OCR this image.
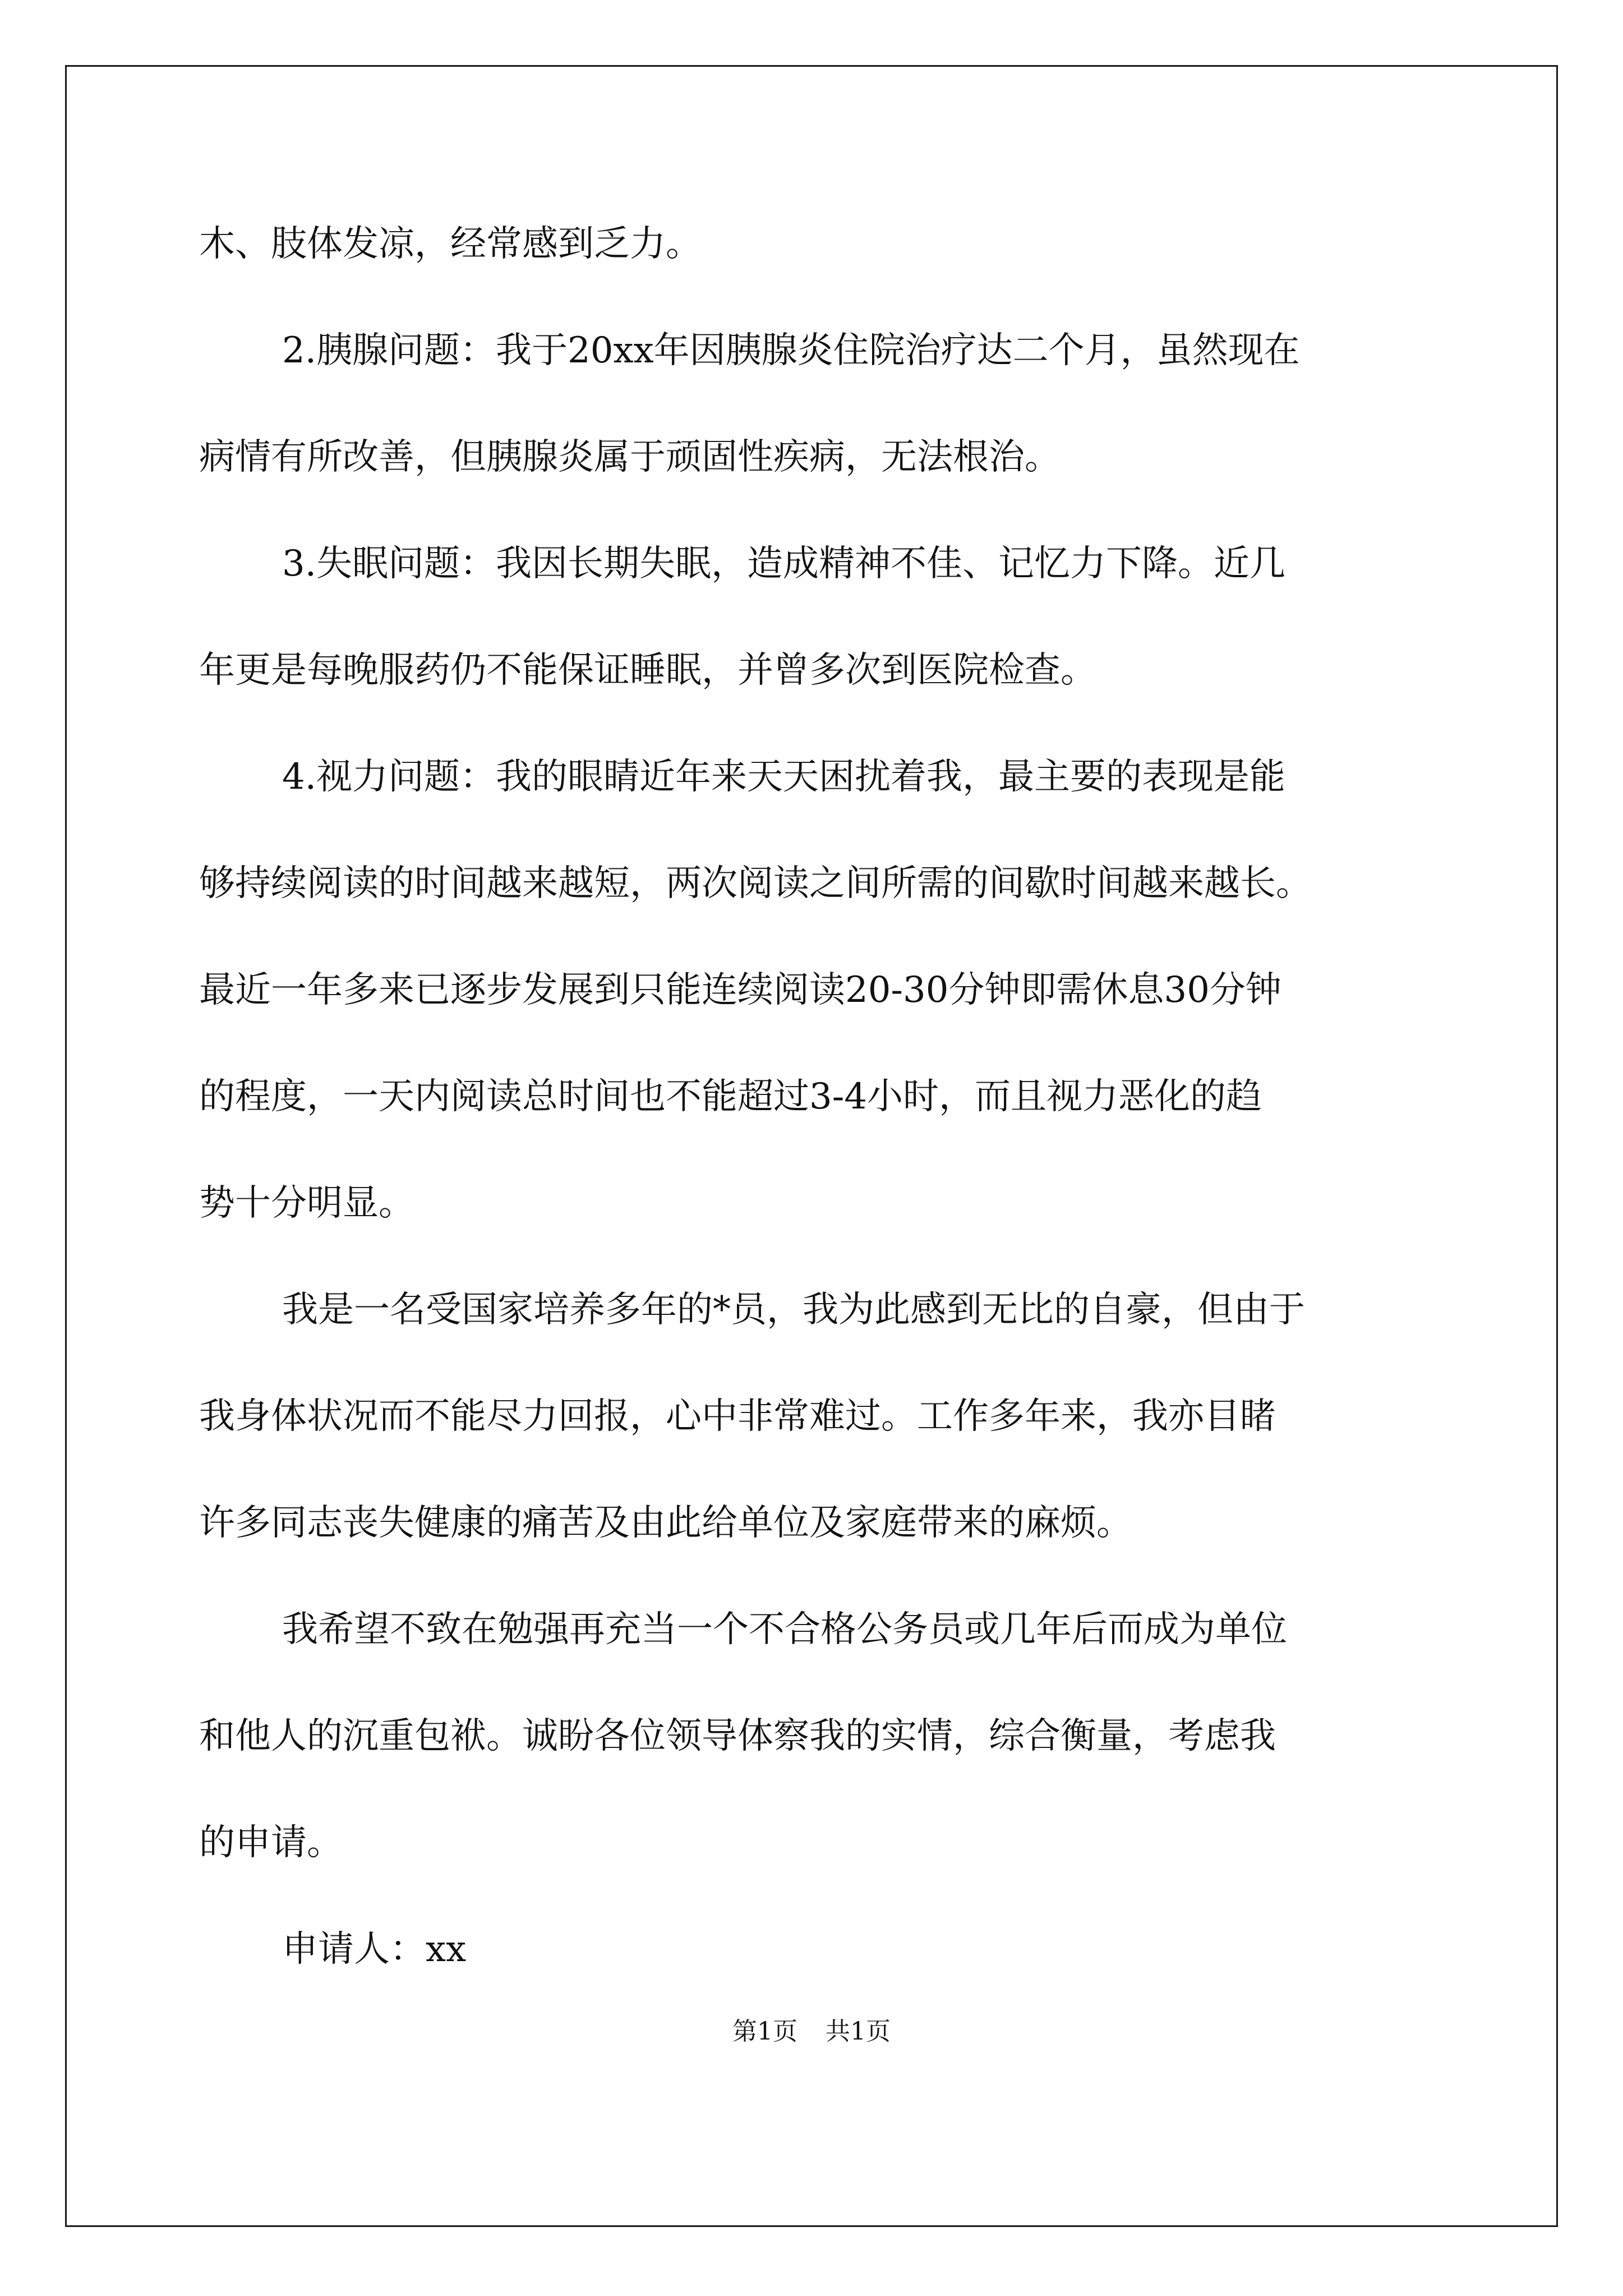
木、肢体发凉，经常感到乏力。
2.胰腺问题：我于20xx年因胰腺炎住院治疗达二个月，虽然现在
病情有所改善，但胰腺炎属于顽固性疾病，无法根治。
3.失眠问题：我因长期失眠，造成精神不佳、记忆力下降。近几
年更是每晚服药仍不能保证睡眠，并曾多次到医院检查。
4.视力问题：我的眼睛近年来天天困扰着我，最主要的表现是能
够持续阅读的时间越来越短，两次阅读之间所需的间歇时间越来越长。
最近一年多来已逐步发展到只能连续阅读20-30分钟即需休息30分钟
的程度，一天内阅读总时间也不能超过3-4小时，而且视力恶化的趋
势十分明显。
我是一名受国家培养多年的*员，我为此感到无比的自豪，但由于
我身体状况而不能尽力回报，心中非常难过。工作多年来，我亦目睹
许多同志丧失健康的痛苦及由此给单位及家庭带来的麻烦。
我希望不致在勉强再充当一个不合格公务员或几年后而成为单位
和他人的沉重包袱。诚盼各位领导体察我的实情，综合衡量，考虑我
的申请。
申请人：xx
第1页 共1页
